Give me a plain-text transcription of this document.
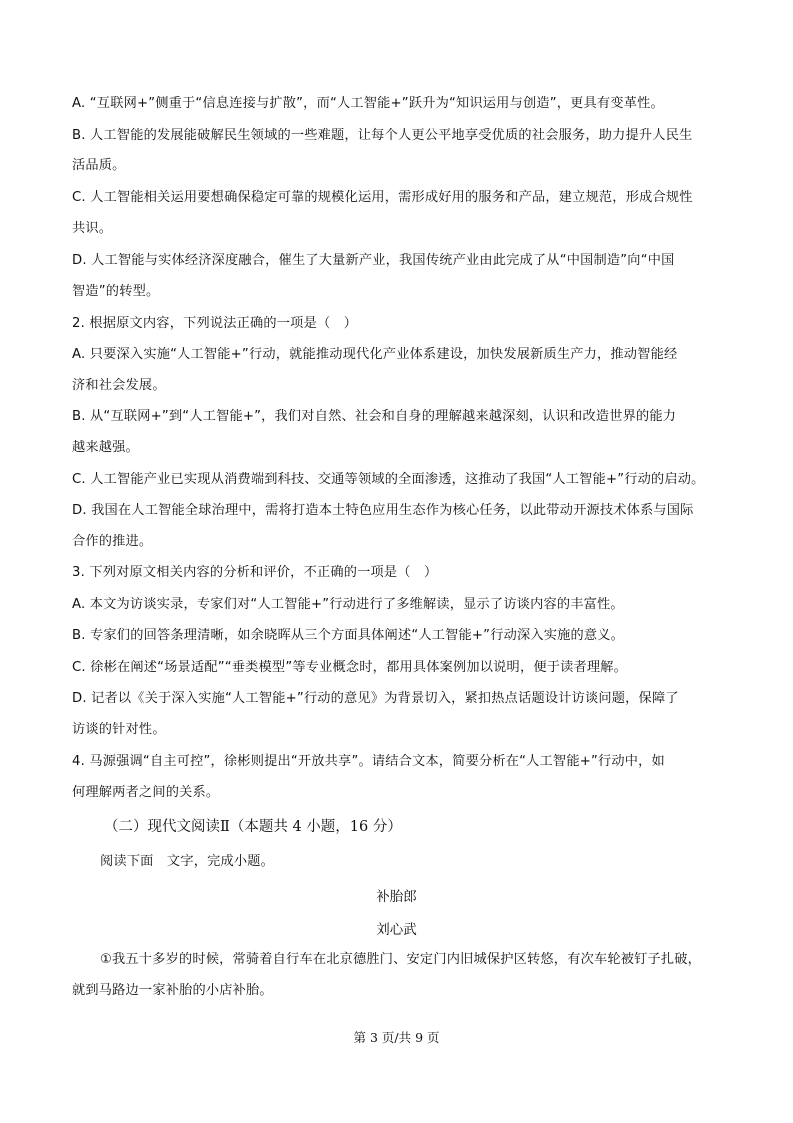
A. “互联网+”侧重于“信息连接与扩散”，而“人工智能+”跃升为“知识运用与创造”，更具有变革性。
B. 人工智能的发展能破解民生领域的一些难题，让每个人更公平地享受优质的社会服务，助力提升人民生
活品质。
C. 人工智能相关运用要想确保稳定可靠的规模化运用，需形成好用的服务和产品，建立规范，形成合规性
共识。
D. 人工智能与实体经济深度融合，催生了大量新产业，我国传统产业由此完成了从“中国制造”向“中国
智造”的转型。
2. 根据原文内容，下列说法正确的一项是（　）
A. 只要深入实施“人工智能+”行动，就能推动现代化产业体系建设，加快发展新质生产力，推动智能经
济和社会发展。
B. 从“互联网+”到“人工智能+”，我们对自然、社会和自身的理解越来越深刻，认识和改造世界的能力
越来越强。
C. 人工智能产业已实现从消费端到科技、交通等领域的全面渗透，这推动了我国“人工智能+”行动的启动。
D. 我国在人工智能全球治理中，需将打造本土特色应用生态作为核心任务，以此带动开源技术体系与国际
合作的推进。
3. 下列对原文相关内容的分析和评价，不正确的一项是（　）
A. 本文为访谈实录，专家们对“人工智能+”行动进行了多维解读，显示了访谈内容的丰富性。
B. 专家们的回答条理清晰，如余晓晖从三个方面具体阐述“人工智能+”行动深入实施的意义。
C. 徐彬在阐述“场景适配”“垂类模型”等专业概念时，都用具体案例加以说明，便于读者理解。
D. 记者以《关于深入实施“人工智能+”行动的意见》为背景切入，紧扣热点话题设计访谈问题，保障了
访谈的针对性。
4. 马源强调“自主可控”，徐彬则提出“开放共享”。请结合文本，简要分析在“人工智能+”行动中，如
何理解两者之间的关系。
（二）现代文阅读Ⅱ（本题共 4 小题，16 分）
阅读下面　文字，完成小题。
补胎郎
刘心武
①我五十多岁的时候，常骑着自行车在北京德胜门、安定门内旧城保护区转悠，有次车轮被钉子扎破，
就到马路边一家补胎的小店补胎。
第 3 页/共 9 页
